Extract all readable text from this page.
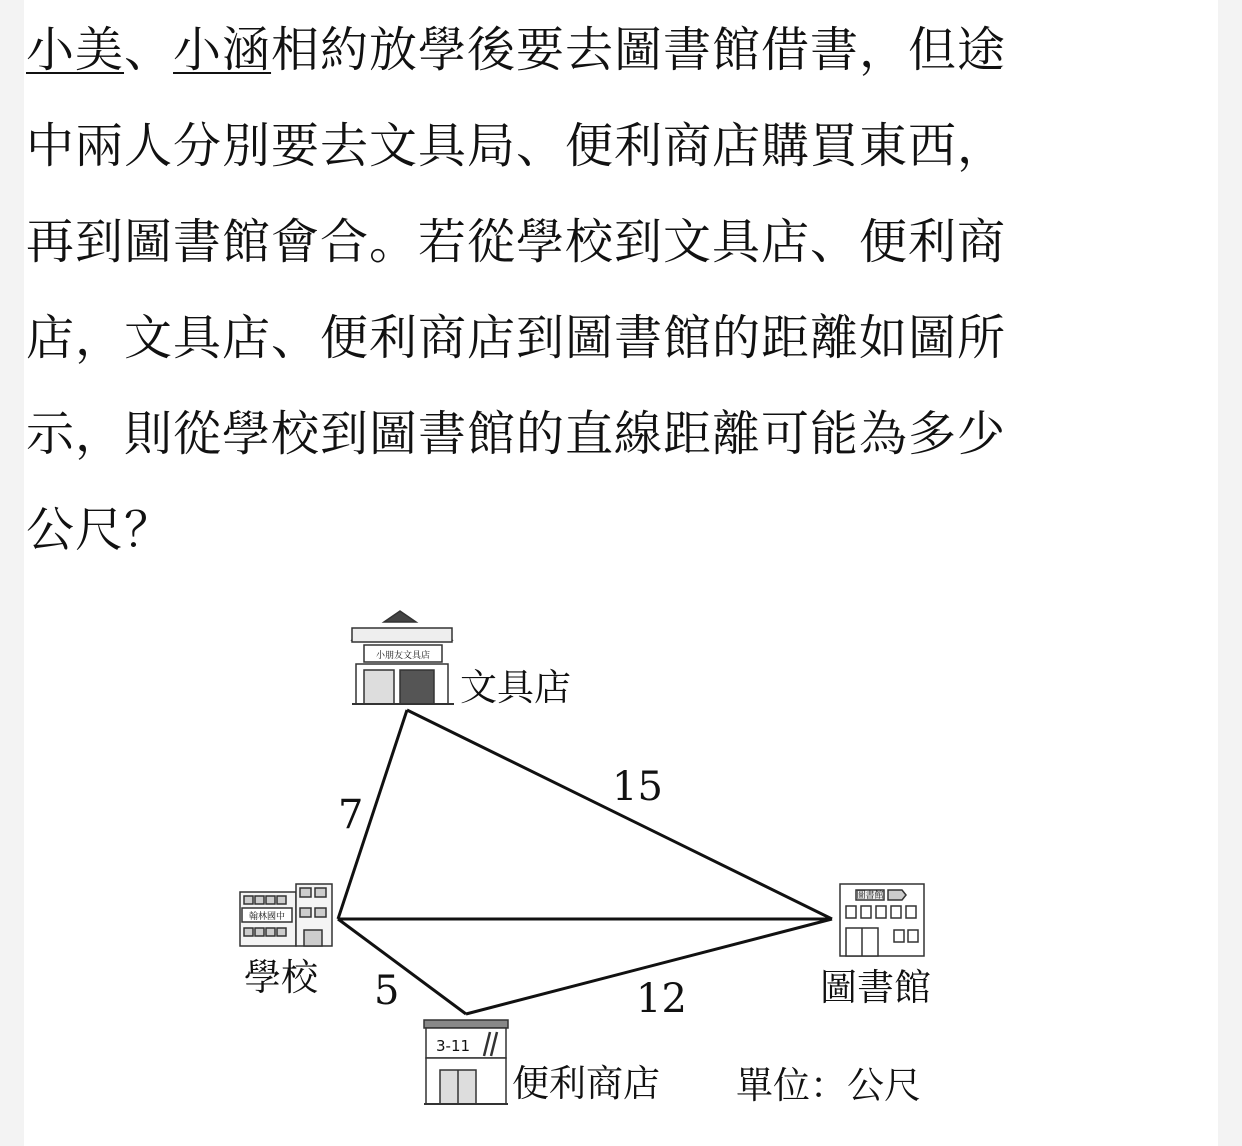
小美、小涵相約放學後要去圖書館借書，但途
中兩人分別要去文具局、便利商店購買東西，
再到圖書館會合。若從學校到文具店、便利商
店，文具店、便利商店到圖書館的距離如圖所
示，則從學校到圖書館的直線距離可能為多少
公尺？
小朋友文具店
文具店
翰林國中
學校
3-11
便利商店
圖書館
圖書館
7
15
5	12
單位：公尺
